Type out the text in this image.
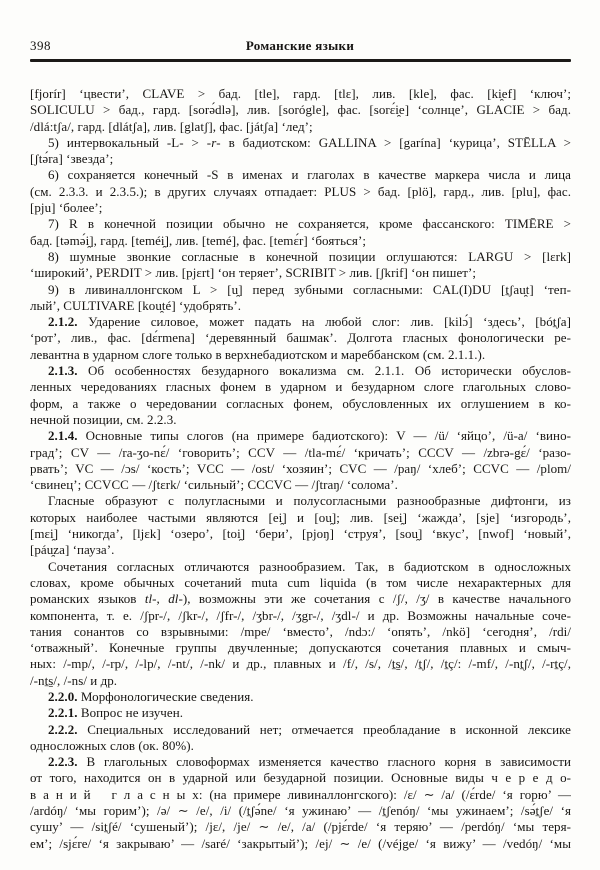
398	Романские языки
[fjorír] ‘цвести’, CLAVE > бад. [tle], гард. [tlɛ], лив. [kle], фас. [ki̯ef] ‘ключ’;
SOLICULU > бад., гард. [sorə́dlə], лив. [sorógle], фас. [sorɛ́i̯e] ‘солнце’, GLACIE > бад.
/dlá:tʃa/, гард. [dlátʃa], лив. [glatʃ], фас. [játʃa] ‘лед’;
5) интервокальный -L- > -r- в бадиотском: GALLINA > [garína] ‘курица’, STĒLLA >
[ʃtə́ra] ‘звезда’;
6) сохраняется конечный -S в именах и глаголах в качестве маркера числа и лица
(см. 2.3.3. и 2.3.5.); в других случаях отпадает: PLUS > бад. [plö], гард., лив. [plu], фас.
[pju] ‘более’;
7) R в конечной позиции обычно не сохраняется, кроме фассанского: TIMĒRE >
бад. [təmə́i̯], гард. [teméi̯], лив. [temé], фас. [temɛ́r] ‘бояться’;
8) шумные звонкие согласные в конечной позиции оглушаются: LARGU > [lɛrk]
‘широкий’, PERDIT > лив. [pjɛrt] ‘он теряет’, SCRIBIT > лив. [ʃkrif] ‘он пишет’;
9) в ливиналлонгском L > [u̯] перед зубными согласными: CAL(I)DU [ṯʃau̯t] ‘теп-
лый’, CULTIVARE [kou̯té] ‘удобрять’.
2.1.2. Ударение силовое, может падать на любой слог: лив. [kilɔ́] ‘здесь’, [bóṯʃa]
‘рот’, лив., фас. [dɛ́rmena] ‘деревянный башмак’. Долгота гласных фонологически ре-
левантна в ударном слоге только в верхнебадиотском и мареббанском (см. 2.1.1.).
2.1.3. Об особенностях безударного вокализма см. 2.1.1. Об исторически обуслов-
ленных чередованиях гласных фонем в ударном и безударном слоге глагольных слово-
форм, а также о чередовании согласных фонем, обусловленных их оглушением в ко-
нечной позиции, см. 2.2.3.
2.1.4. Основные типы слогов (на примере бадиотского): V — /ü/ ‘яйцо’, /ü-a/ ‘вино-
град’; CV — /ra-ʒo-nɛ́/ ‘говорить’; CCV — /tla-mɛ́/ ‘кричать’; CCCV — /zbrə-gɛ́/ ‘разо-
рвать’; VC — /ɔs/ ‘кость’; VCC — /ost/ ‘хозяин’; CVC — /paŋ/ ‘хлеб’; CCVC — /plom/
‘свинец’; CCVCC — /ʃtɛrk/ ‘сильный’; CCCVC — /ʃtraŋ/ ‘солома’.
Гласные образуют с полугласными и полусогласными разнообразные дифтонги, из
которых наиболее частыми являются [ei̯] и [ou̯]; лив. [sei̯] ‘жажда’, [sje] ‘изгородь’,
[mɛi̯] ‘никогда’, [ljɛk] ‘озеро’, [toi̯] ‘бери’, [pjoŋ] ‘струя’, [sou̯] ‘вкус’, [nwof] ‘новый’,
[páu̯za] ‘пауза’.
Сочетания согласных отличаются разнообразием. Так, в бадиотском в односложных
словах, кроме обычных сочетаний muta cum liquida (в том числе нехарактерных для
романских языков tl-, dl-), возможны эти же сочетания с /ʃ/, /ʒ/ в качестве начального
компонента, т. е. /ʃpr-/, /ʃkr-/, /ʃfr-/, /ʒbr-/, /ʒgr-/, /ʒdl-/ и др. Возможны начальные соче-
тания сонантов со взрывными: /mpe/ ‘вместо’, /ndɔ:/ ‘опять’, /nkö] ‘сегодня’, /rdi/
‘отважный’. Конечные группы двучленные; допускаются сочетания плавных и смыч-
ных: /-mp/, /-rp/, /-lp/, /-nt/, /-nk/ и др., плавных и /f/, /s/, /ṯs̱/, /ṯʃ/, /ṯç/: /-mf/, /-nṯʃ/, /-rṯç/,
/-nṯs̱/, /-ns/ и др.
2.2.0. Морфонологические сведения.
2.2.1. Вопрос не изучен.
2.2.2. Специальных исследований нет; отмечается преобладание в исконной лексике
односложных слов (ок. 80%).
2.2.3. В глагольных словоформах изменяется качество гласного корня в зависимости
от того, находится он в ударной или безударной позиции. Основные виды ч е р е д о-
в а н и й   г л а с н ы х: (на примере ливиналлонгского): /ɛ/ ∼ /a/ (/ɛ́rde/ ‘я горю’ —
/ardóŋ/ ‘мы горим’); /ə/ ∼ /e/, /i/ (/ṯʃə́ne/ ‘я ужинаю’ — /ṯʃenóŋ/ ‘мы ужинаем’; /sə́ṯʃe/ ‘я
сушу’ — /siṯʃé/ ‘сушеный’); /jɛ/, /je/ ∼ /e/, /a/ (/pjɛ́rde/ ‘я теряю’ — /perdóŋ/ ‘мы теря-
ем’; /sjɛ́re/ ‘я закрываю’ — /saré/ ‘закрытый’); /ej/ ∼ /e/ (/véjge/ ‘я вижу’ — /vedóŋ/ ‘мы
